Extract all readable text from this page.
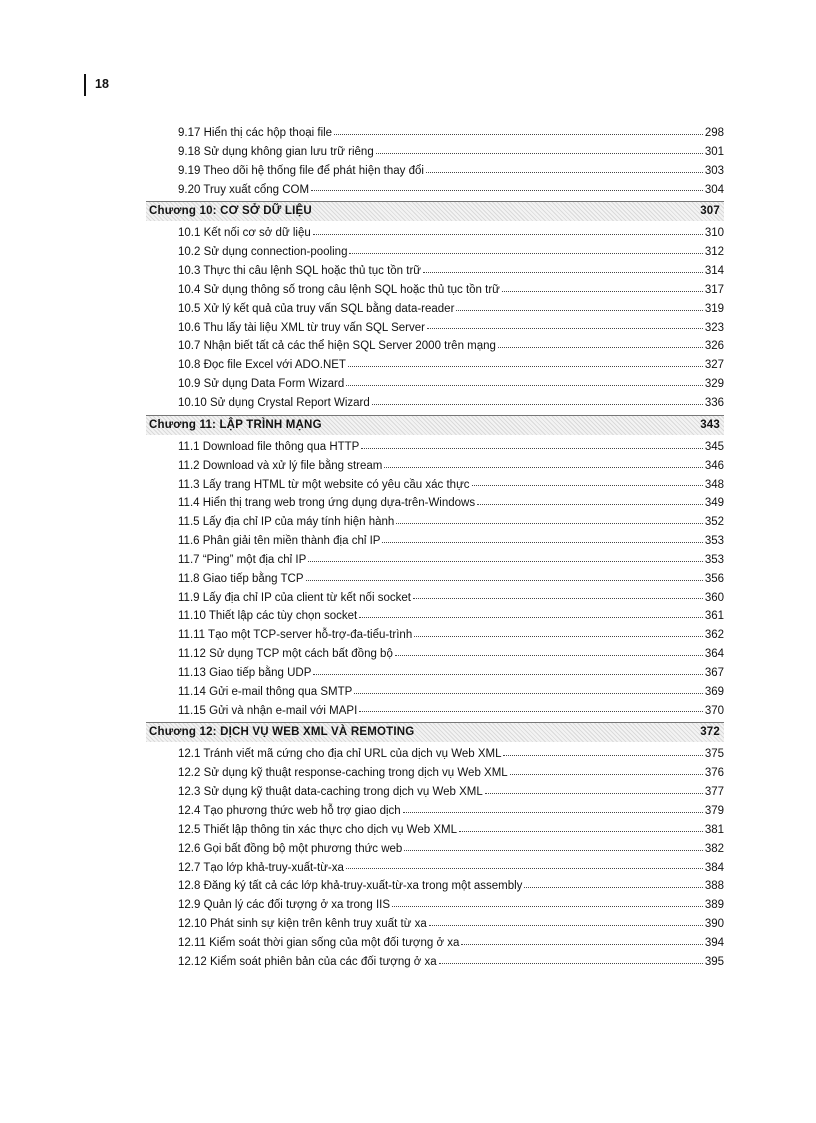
18
9.17 Hiển thị các hộp thoại file	298
9.18 Sử dụng không gian lưu trữ riêng	301
9.19 Theo dõi hệ thống file để phát hiện thay đổi	303
9.20 Truy xuất cổng COM	304
Chương 10: CƠ SỞ DỮ LIỆU	307
10.1 Kết nối cơ sở dữ liệu	310
10.2 Sử dụng connection-pooling	312
10.3 Thực thi câu lệnh SQL hoặc thủ tục tồn trữ	314
10.4 Sử dụng thông số trong câu lệnh SQL hoặc thủ tục tồn trữ	317
10.5 Xử lý kết quả của truy vấn SQL bằng data-reader	319
10.6 Thu lấy tài liệu XML từ truy vấn SQL Server	323
10.7 Nhận biết tất cả các thể hiện SQL Server 2000 trên mạng	326
10.8 Đọc file Excel với ADO.NET	327
10.9 Sử dụng Data Form Wizard	329
10.10 Sử dụng Crystal Report Wizard	336
Chương 11: LẬP TRÌNH MẠNG	343
11.1 Download file thông qua HTTP	345
11.2 Download và xử lý file bằng stream	346
11.3 Lấy trang HTML từ một website có yêu cầu xác thực	348
11.4 Hiển thị trang web trong ứng dụng dựa-trên-Windows	349
11.5 Lấy địa chỉ IP của máy tính hiện hành	352
11.6 Phân giải tên miền thành địa chỉ IP	353
11.7 “Ping” một địa chỉ IP	353
11.8 Giao tiếp bằng TCP	356
11.9 Lấy địa chỉ IP của client từ kết nối socket	360
11.10 Thiết lập các tùy chọn socket	361
11.11 Tạo một TCP-server hỗ-trợ-đa-tiểu-trình	362
11.12 Sử dụng TCP một cách bất đồng bộ	364
11.13 Giao tiếp bằng UDP	367
11.14 Gửi e-mail thông qua SMTP	369
11.15 Gửi và nhận e-mail với MAPI	370
Chương 12: DỊCH VỤ WEB XML VÀ REMOTING	372
12.1 Tránh viết mã cứng cho địa chỉ URL của dịch vụ Web XML	375
12.2 Sử dụng kỹ thuật response-caching trong dịch vụ Web XML	376
12.3 Sử dụng kỹ thuật data-caching trong dịch vụ Web XML	377
12.4 Tạo phương thức web hỗ trợ giao dịch	379
12.5 Thiết lập thông tin xác thực cho dịch vụ Web XML	381
12.6 Gọi bất đồng bộ một phương thức web	382
12.7 Tạo lớp khả-truy-xuất-từ-xa	384
12.8 Đăng ký tất cả các lớp khả-truy-xuất-từ-xa trong một assembly	388
12.9 Quản lý các đối tượng ở xa trong IIS	389
12.10 Phát sinh sự kiện trên kênh truy xuất từ xa	390
12.11 Kiểm soát thời gian sống của một đối tượng ở xa	394
12.12 Kiểm soát phiên bản của các đối tượng ở xa	395
